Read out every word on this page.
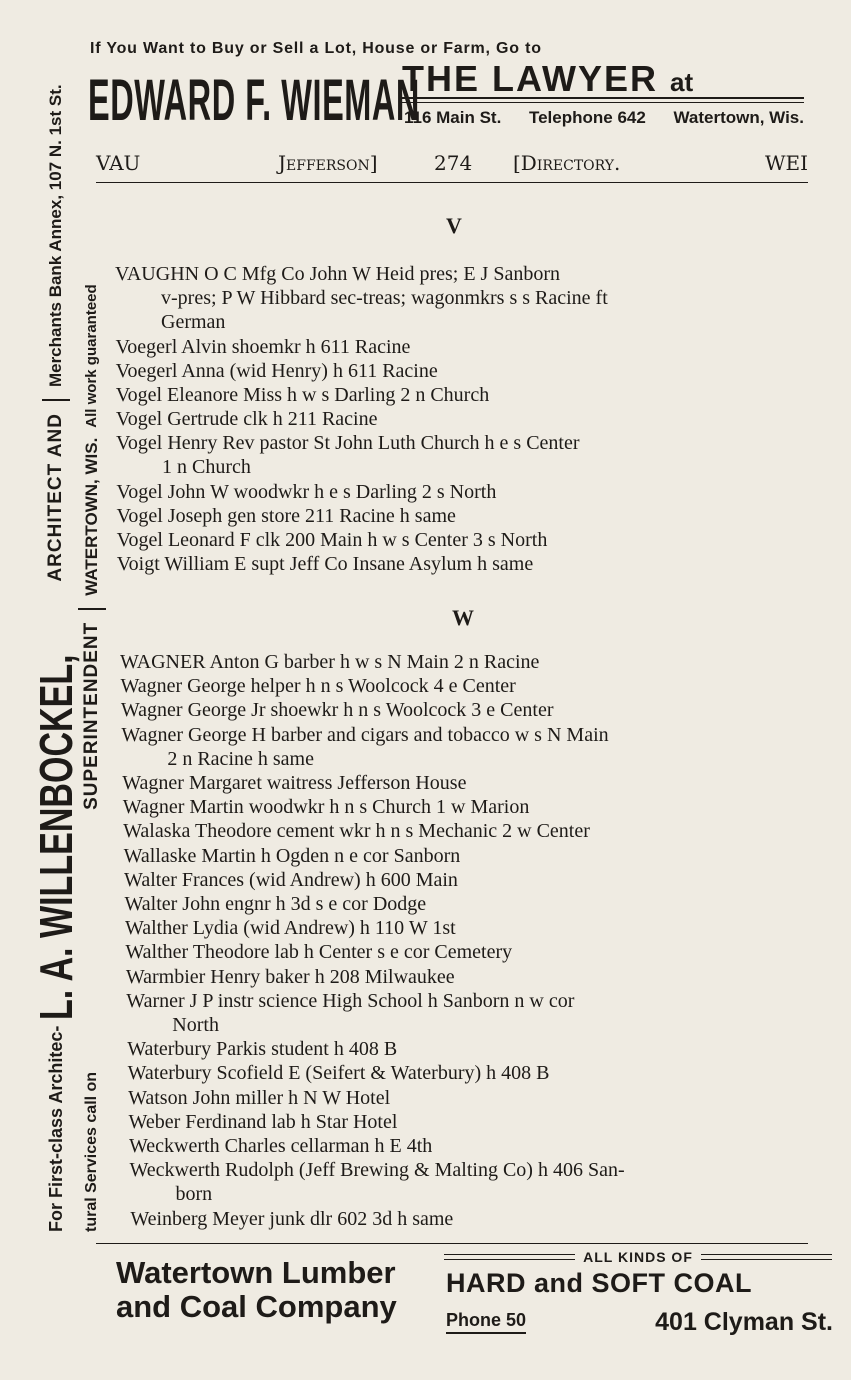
If You Want to Buy or Sell a Lot, House or Farm, Go to
EDWARD F. WIEMAN
THE LAWYER at
116 Main St. Telephone 642 Watertown, Wis.
VAU	Jefferson]	274 [Directory.	WEI
For First-class Architec-
L. A. WILLENBOCKEL,
ARCHITECT AND
Merchants Bank Annex, 107 N. 1st St.
tural Services call on
SUPERINTENDENT
WATERTOWN, WIS.
All work guaranteed
V
W
VAUGHN O C Mfg Co John W Heid pres; E J Sanborn
v-pres; P W Hibbard sec-treas; wagonmkrs s s Racine ft
German
Voegerl Alvin shoemkr h 611 Racine
Voegerl Anna (wid Henry) h 611 Racine
Vogel Eleanore Miss h w s Darling 2 n Church
Vogel Gertrude clk h 211 Racine
Vogel Henry Rev pastor St John Luth Church h e s Center
1 n Church
Vogel John W woodwkr h e s Darling 2 s North
Vogel Joseph gen store 211 Racine h same
Vogel Leonard F clk 200 Main h w s Center 3 s North
Voigt William E supt Jeff Co Insane Asylum h same
WAGNER Anton G barber h w s N Main 2 n Racine
Wagner George helper h n s Woolcock 4 e Center
Wagner George Jr shoewkr h n s Woolcock 3 e Center
Wagner George H barber and cigars and tobacco w s N Main
2 n Racine h same
Wagner Margaret waitress Jefferson House
Wagner Martin woodwkr h n s Church 1 w Marion
Walaska Theodore cement wkr h n s Mechanic 2 w Center
Wallaske Martin h Ogden n e cor Sanborn
Walter Frances (wid Andrew) h 600 Main
Walter John engnr h 3d s e cor Dodge
Walther Lydia (wid Andrew) h 110 W 1st
Walther Theodore lab h Center s e cor Cemetery
Warmbier Henry baker h 208 Milwaukee
Warner J P instr science High School h Sanborn n w cor
North
Waterbury Parkis student h 408 B
Waterbury Scofield E (Seifert & Waterbury) h 408 B
Watson John miller h N W Hotel
Weber Ferdinand lab h Star Hotel
Weckwerth Charles cellarman h E 4th
Weckwerth Rudolph (Jeff Brewing & Malting Co) h 406 San-
born
Weinberg Meyer junk dlr 602 3d h same
Watertown Lumber
and Coal Company
ALL KINDS OF
HARD and SOFT COAL
Phone 50	401 Clyman St.
